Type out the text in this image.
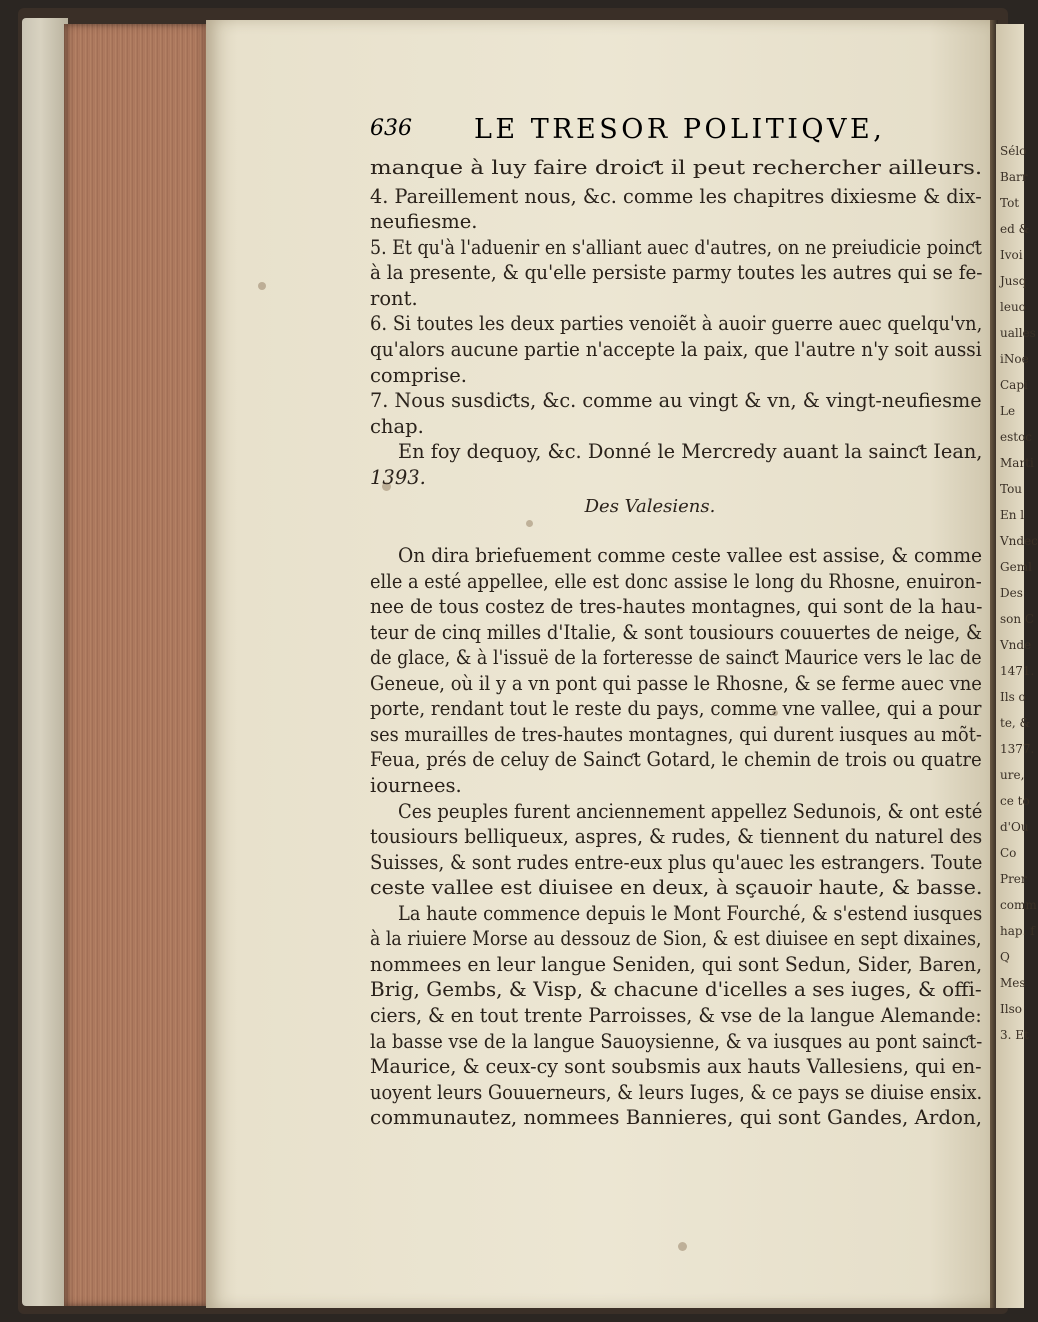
Sélo
Barr
Tot
ed &
Ivoi
Jusq
leuo
ualles
iNoe
Capi
Le
estoc
Marti
Tou
En l
Vndec
Geml
Des
son C
Vnde
1471.
Ils o
te, &
1377.
ure,
ce to
d'Ou
Co
Prer
comm
hap. f
Q
Mes
Ilso
3. Et
636 LE TRESOR POLITIQVE,
manque à luy faire droiƈt il peut rechercher ailleurs.
4. Pareillement nous, &c. comme les chapitres dixiesme & dix-
neufiesme.
5. Et qu'à l'aduenir en s'alliant auec d'autres, on ne preiudicie poinƈt
à la presente, & qu'elle persiste parmy toutes les autres qui se fe-
ront.
6. Si toutes les deux parties venoiẽt à auoir guerre auec quelqu'vn,
qu'alors aucune partie n'accepte la paix, que l'autre n'y soit aussi
comprise.
7. Nous susdiƈts, &c. comme au vingt & vn, & vingt-neufiesme
chap.
En foy dequoy, &c. Donné le Mercredy auant la sainƈt Iean,
1393.
Des Valesiens.
On dira briefuement comme ceste vallee est assise, & comme
elle a esté appellee, elle est donc assise le long du Rhosne, enuiron-
nee de tous costez de tres-hautes montagnes, qui sont de la hau-
teur de cinq milles d'Italie, & sont tousiours couuertes de neige, &
de glace, & à l'issuë de la forteresse de sainƈt Maurice vers le lac de
Geneue, où il y a vn pont qui passe le Rhosne, & se ferme auec vne
porte, rendant tout le reste du pays, comme vne vallee, qui a pour
ses murailles de tres-hautes montagnes, qui durent iusques au mõt-
Feua, prés de celuy de Sainƈt Gotard, le chemin de trois ou quatre
iournees.
Ces peuples furent anciennement appellez Sedunois, & ont esté
tousiours belliqueux, aspres, & rudes, & tiennent du naturel des
Suisses, & sont rudes entre-eux plus qu'auec les estrangers. Toute
ceste vallee est diuisee en deux, à sçauoir haute, & basse.
La haute commence depuis le Mont Fourché, & s'estend iusques
à la riuiere Morse au dessouz de Sion, & est diuisee en sept dixaines,
nommees en leur langue Seniden, qui sont Sedun, Sider, Baren,
Brig, Gembs, & Visp, & chacune d'icelles a ses iuges, & offi-
ciers, & en tout trente Parroisses, & vse de la langue Alemande:
la basse vse de la langue Sauoysienne, & va iusques au pont sainƈt-
Maurice, & ceux-cy sont soubsmis aux hauts Vallesiens, qui en-
uoyent leurs Gouuerneurs, & leurs Iuges, & ce pays se diuise ensix.
communautez, nommees Bannieres, qui sont Gandes, Ardon,
